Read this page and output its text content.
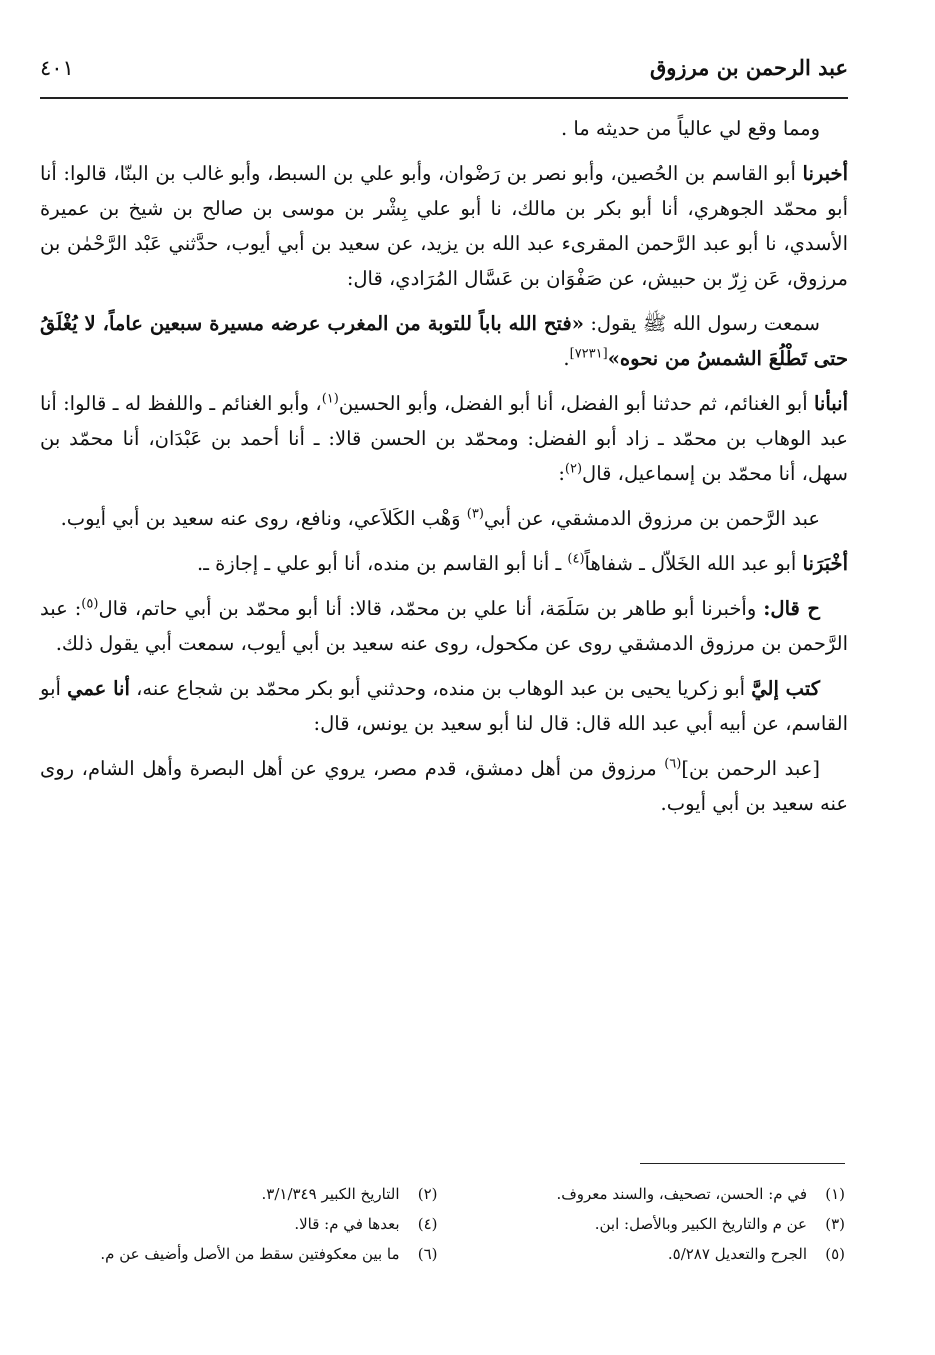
عبد الرحمن بن مرزوق
٤٠١

ومما وقع لي عالياً من حديثه ما .

أخبرنا أبو القاسم بن الحُصين، وأبو نصر بن رَضْوان، وأبو علي بن السبط، وأبو غالب بن البنّا، قالوا: أنا أبو محمّد الجوهري، أنا أبو بكر بن مالك، نا أبو علي بِشْر بن موسى بن صالح بن شيخ بن عميرة الأسدي، نا أبو عبد الرَّحمن المقرىء عبد الله بن يزيد، عن سعيد بن أبي أيوب، حدَّثني عَبْد الرَّحْمٰن بن مرزوق، عَن زِرّ بن حبيش، عن صَفْوَان بن عَسَّال المُرَادي، قال:

سمعت رسول الله ﷺ يقول: «فتح الله باباً للتوبة من المغرب عرضه مسيرة سبعين عاماً، لا يُغْلَقُ حتى تَطْلُعَ الشمسُ من نحوه»[٧٢٣١].

أنبأنا أبو الغنائم، ثم حدثنا أبو الفضل، أنا أبو الفضل، وأبو الحسين$^{(١)}$، وأبو الغنائم ـ واللفظ له ـ قالوا: أنا عبد الوهاب بن محمّد ـ زاد أبو الفضل: ومحمّد بن الحسن قالا: ـ أنا أحمد بن عَبْدَان، أنا محمّد بن سهل، أنا محمّد بن إسماعيل، قال$^{(٢)}$:

عبد الرَّحمن بن مرزوق الدمشقي، عن أبي$^{(٣)}$ وَهْب الكَلاَعي، ونافع، روى عنه سعيد بن أبي أيوب.

أخْبَرَنا أبو عبد الله الخَلاّل ـ شفاهاً$^{(٤)}$ ـ أنا أبو القاسم بن منده، أنا أبو علي ـ إجازة ـ.

ح قال: وأخبرنا أبو طاهر بن سَلَمَة، أنا علي بن محمّد، قالا: أنا أبو محمّد بن أبي حاتم، قال$^{(٥)}$: عبد الرَّحمن بن مرزوق الدمشقي روى عن مكحول، روى عنه سعيد بن أبي أيوب، سمعت أبي يقول ذلك.

كتب إليَّ أبو زكريا يحيى بن عبد الوهاب بن منده، وحدثني أبو بكر محمّد بن شجاع عنه، أنا عمي أبو القاسم، عن أبيه أبي عبد الله قال: قال لنا أبو سعيد بن يونس، قال:

[عبد الرحمن بن]$^{(٦)}$ مرزوق من أهل دمشق، قدم مصر، يروي عن أهل البصرة وأهل الشام، روى عنه سعيد بن أبي أيوب.

(١)
في م: الحسن، تصحيف، والسند معروف.
(٢)
التاريخ الكبير ٣/١/٣٤٩.
(٣)
عن م والتاريخ الكبير وبالأصل: ابن.
(٤)
بعدها في م: قالا.
(٥)
الجرح والتعديل ٥/٢٨٧.
(٦)
ما بين معكوفتين سقط من الأصل وأضيف عن م.
